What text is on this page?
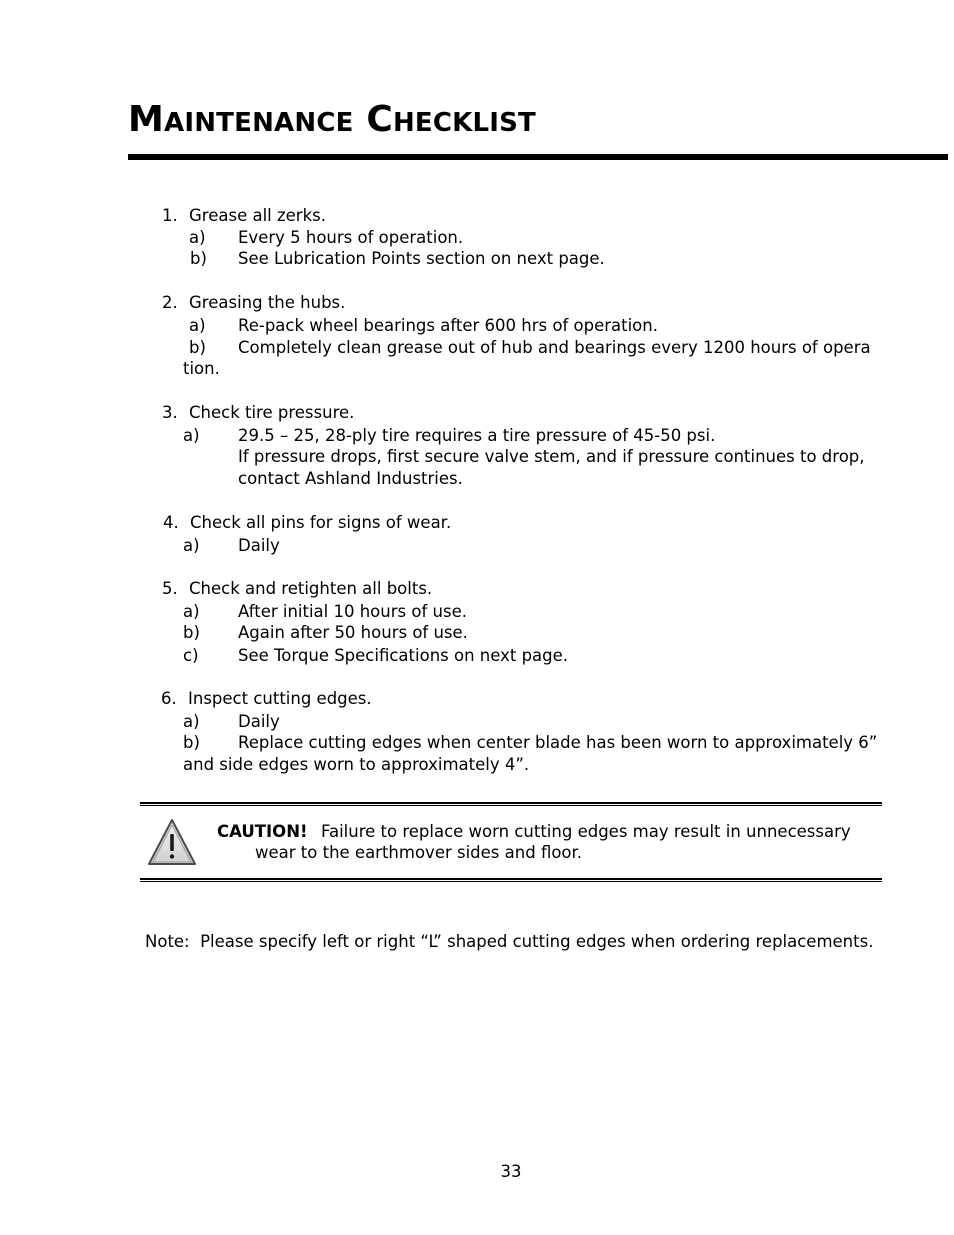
MAINTENANCE CHECKLIST
1. Grease all zerks.
a) Every 5 hours of operation.
b) See Lubrication Points section on next page.
2. Greasing the hubs.
a) Re-pack wheel bearings after 600 hrs of operation.
b) Completely clean grease out of hub and bearings every 1200 hours of opera
tion.
3. Check tire pressure.
a) 29.5 – 25, 28-ply tire requires a tire pressure of 45-50 psi.
If pressure drops, first secure valve stem, and if pressure continues to drop,
contact Ashland Industries.
4. Check all pins for signs of wear.
a) Daily
5. Check and retighten all bolts.
a) After initial 10 hours of use.
b) Again after 50 hours of use.
c) See Torque Specifications on next page.
6. Inspect cutting edges.
a) Daily
b) Replace cutting edges when center blade has been worn to approximately 6”
and side edges worn to approximately 4”.
CAUTION! Failure to replace worn cutting edges may result in unnecessary
wear to the earthmover sides and floor.
Note:  Please specify left or right “L” shaped cutting edges when ordering replacements.
33
